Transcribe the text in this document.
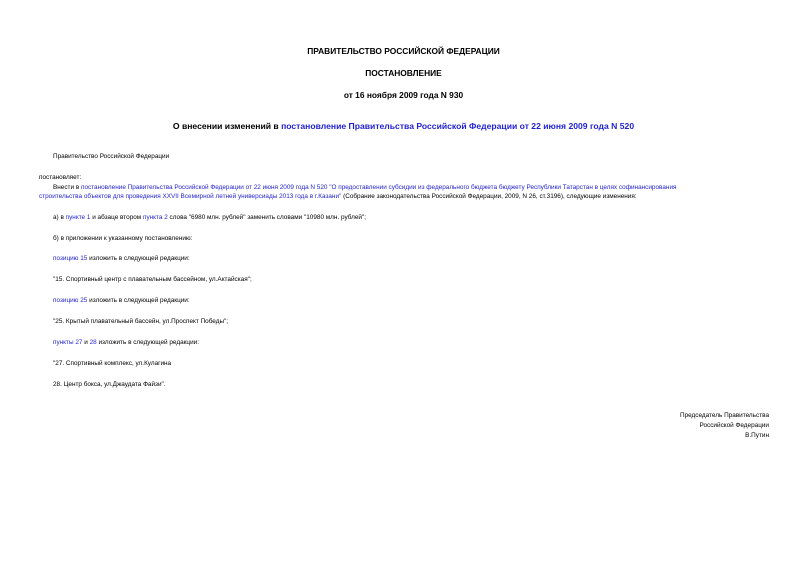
ПРАВИТЕЛЬСТВО РОССИЙСКОЙ ФЕДЕРАЦИИ
ПОСТАНОВЛЕНИЕ
от 16 ноября 2009 года N 930
О внесении изменений в постановление Правительства Российской Федерации от 22 июня 2009 года N 520
Правительство Российской Федерации
постановляет:
Внести в постановление Правительства Российской Федерации от 22 июня 2009 года N 520 "О предоставлении субсидии из федерального бюджета бюджету Республики Татарстан в целях софинансирования
строительства объектов для проведения XXVII Всемирной летней универсиады 2013 года в г.Казани" (Собрание законодательства Российской Федерации, 2009, N 26, ст.3196), следующие изменения:
а) в пункте 1 и абзаце втором пункта 2 слова "6980 млн. рублей" заменить словами "10980 млн. рублей";
б) в приложении к указанному постановлению:
позицию 15 изложить в следующей редакции:
"15. Спортивный центр с плавательным бассейном, ул.Актайская";
позицию 25 изложить в следующей редакции:
"25. Крытый плавательный бассейн, ул.Проспект Победы";
пункты 27 и 28 изложить в следующей редакции:
"27. Спортивный комплекс, ул.Кулагина
28. Центр бокса, ул.Джаудата Файзи".
Председатель Правительства
Российской Федерации
В.Путин
